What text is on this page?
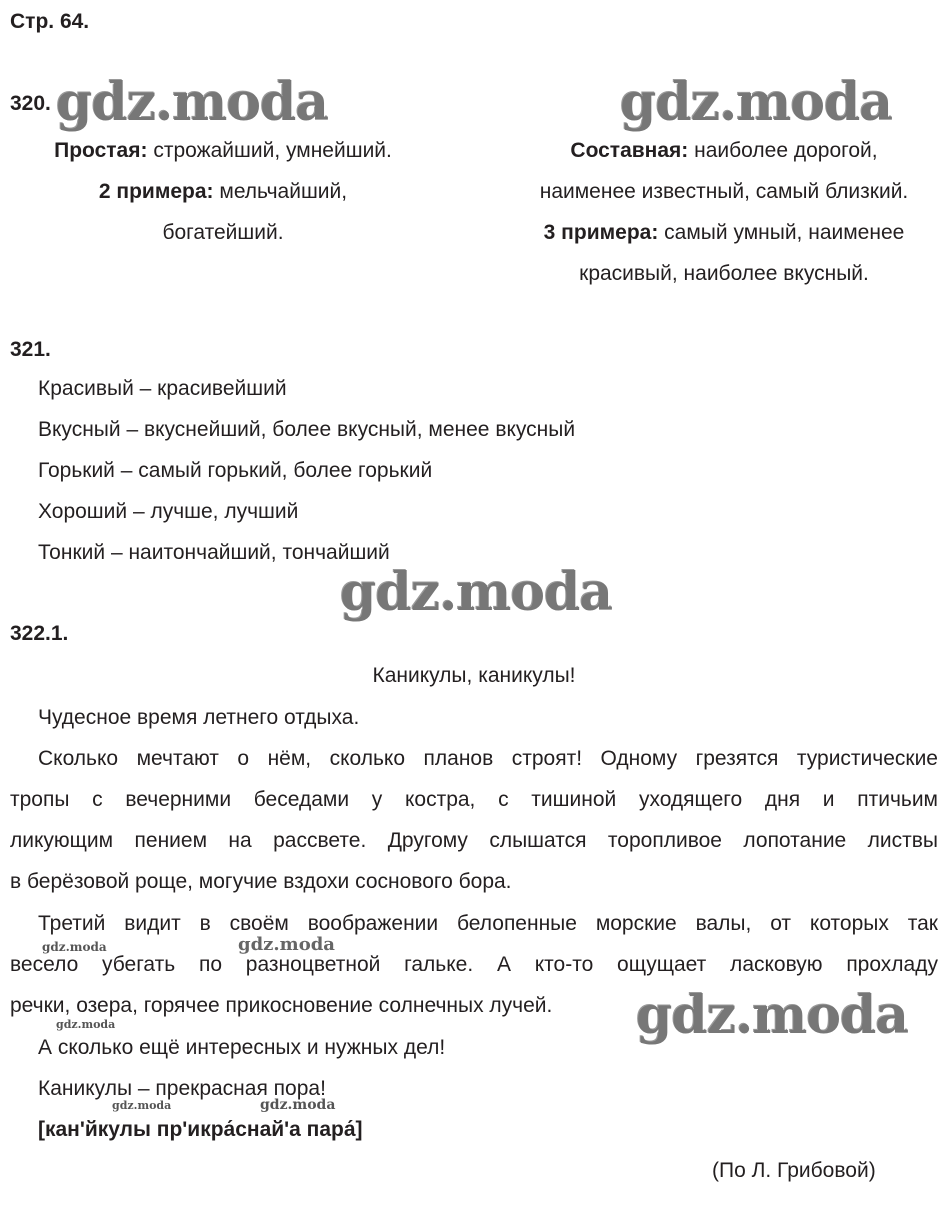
Стр. 64.
gdz.moda	gdz.moda
gdz.moda
gdz.moda
gdz.moda	gdz.moda
gdz.moda
gdz.moda	gdz.moda
320.
Простая: строжайший, умнейший.
2 примера: мельчайший,
богатейший.
Составная: наиболее дорогой,
наименее известный, самый близкий.
3 примера: самый умный, наименее
красивый, наиболее вкусный.
321.
Красивый – красивейший
Вкусный – вкуснейший, более вкусный, менее вкусный
Горький – самый горький, более горький
Хороший – лучше, лучший
Тонкий – наитончайший, тончайший
322.1.
Каникулы, каникулы!
Чудесное время летнего отдыха.
Сколько мечтают о нём, сколько планов строят! Одному грезятся туристические
тропы с вечерними беседами у костра, с тишиной уходящего дня и птичьим
ликующим пением на рассвете. Другому слышатся торопливое лопотание листвы
в берёзовой роще, могучие вздохи соснового бора.
Третий видит в своём воображении белопенные морские валы, от которых так
весело убегать по разноцветной гальке. А кто-то ощущает ласковую прохладу
речки, озера, горячее прикосновение солнечных лучей.
А сколько ещё интересных и нужных дел!
Каникулы – прекрасная пора!
[кан'йкулы пр'икра́снай'а пара́]
(По Л. Грибовой)
